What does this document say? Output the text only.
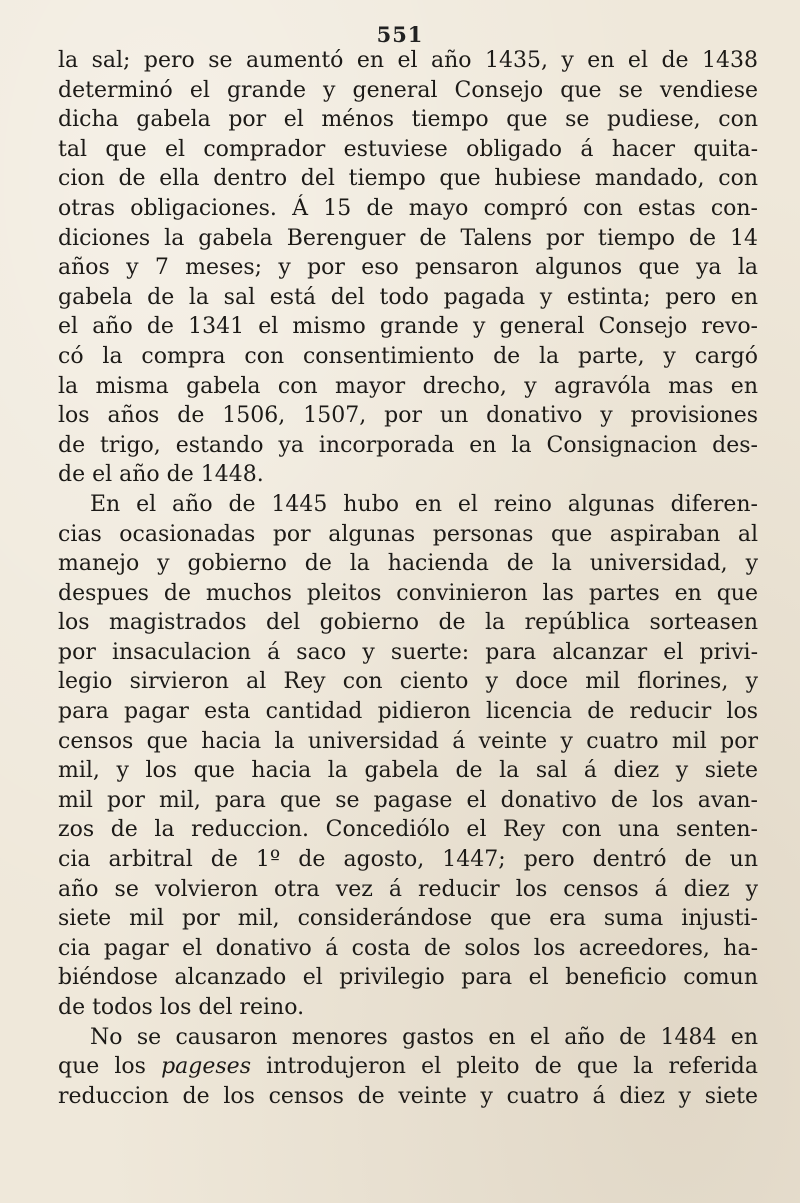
551
la sal; pero se aumentó en el año 1435, y en el de 1438
determinó el grande y general Consejo que se vendiese
dicha gabela por el ménos tiempo que se pudiese, con
tal que el comprador estuviese obligado á hacer quita-
cion de ella dentro del tiempo que hubiese mandado, con
otras obligaciones. Á 15 de mayo compró con estas con-
diciones la gabela Berenguer de Talens por tiempo de 14
años y 7 meses; y por eso pensaron algunos que ya la
gabela de la sal está del todo pagada y estinta; pero en
el año de 1341 el mismo grande y general Consejo revo-
có la compra con consentimiento de la parte, y cargó
la misma gabela con mayor drecho, y agravóla mas en
los años de 1506, 1507, por un donativo y provisiones
de trigo, estando ya incorporada en la Consignacion des-
de el año de 1448.
En el año de 1445 hubo en el reino algunas diferen-
cias ocasionadas por algunas personas que aspiraban al
manejo y gobierno de la hacienda de la universidad, y
despues de muchos pleitos convinieron las partes en que
los magistrados del gobierno de la república sorteasen
por insaculacion á saco y suerte: para alcanzar el privi-
legio sirvieron al Rey con ciento y doce mil florines, y
para pagar esta cantidad pidieron licencia de reducir los
censos que hacia la universidad á veinte y cuatro mil por
mil, y los que hacia la gabela de la sal á diez y siete
mil por mil, para que se pagase el donativo de los avan-
zos de la reduccion. Concediólo el Rey con una senten-
cia arbitral de 1º de agosto, 1447; pero dentró de un
año se volvieron otra vez á reducir los censos á diez y
siete mil por mil, considerándose que era suma injusti-
cia pagar el donativo á costa de solos los acreedores, ha-
biéndose alcanzado el privilegio para el beneficio comun
de todos los del reino.
No se causaron menores gastos en el año de 1484 en
que los pageses introdujeron el pleito de que la referida
reduccion de los censos de veinte y cuatro á diez y siete
